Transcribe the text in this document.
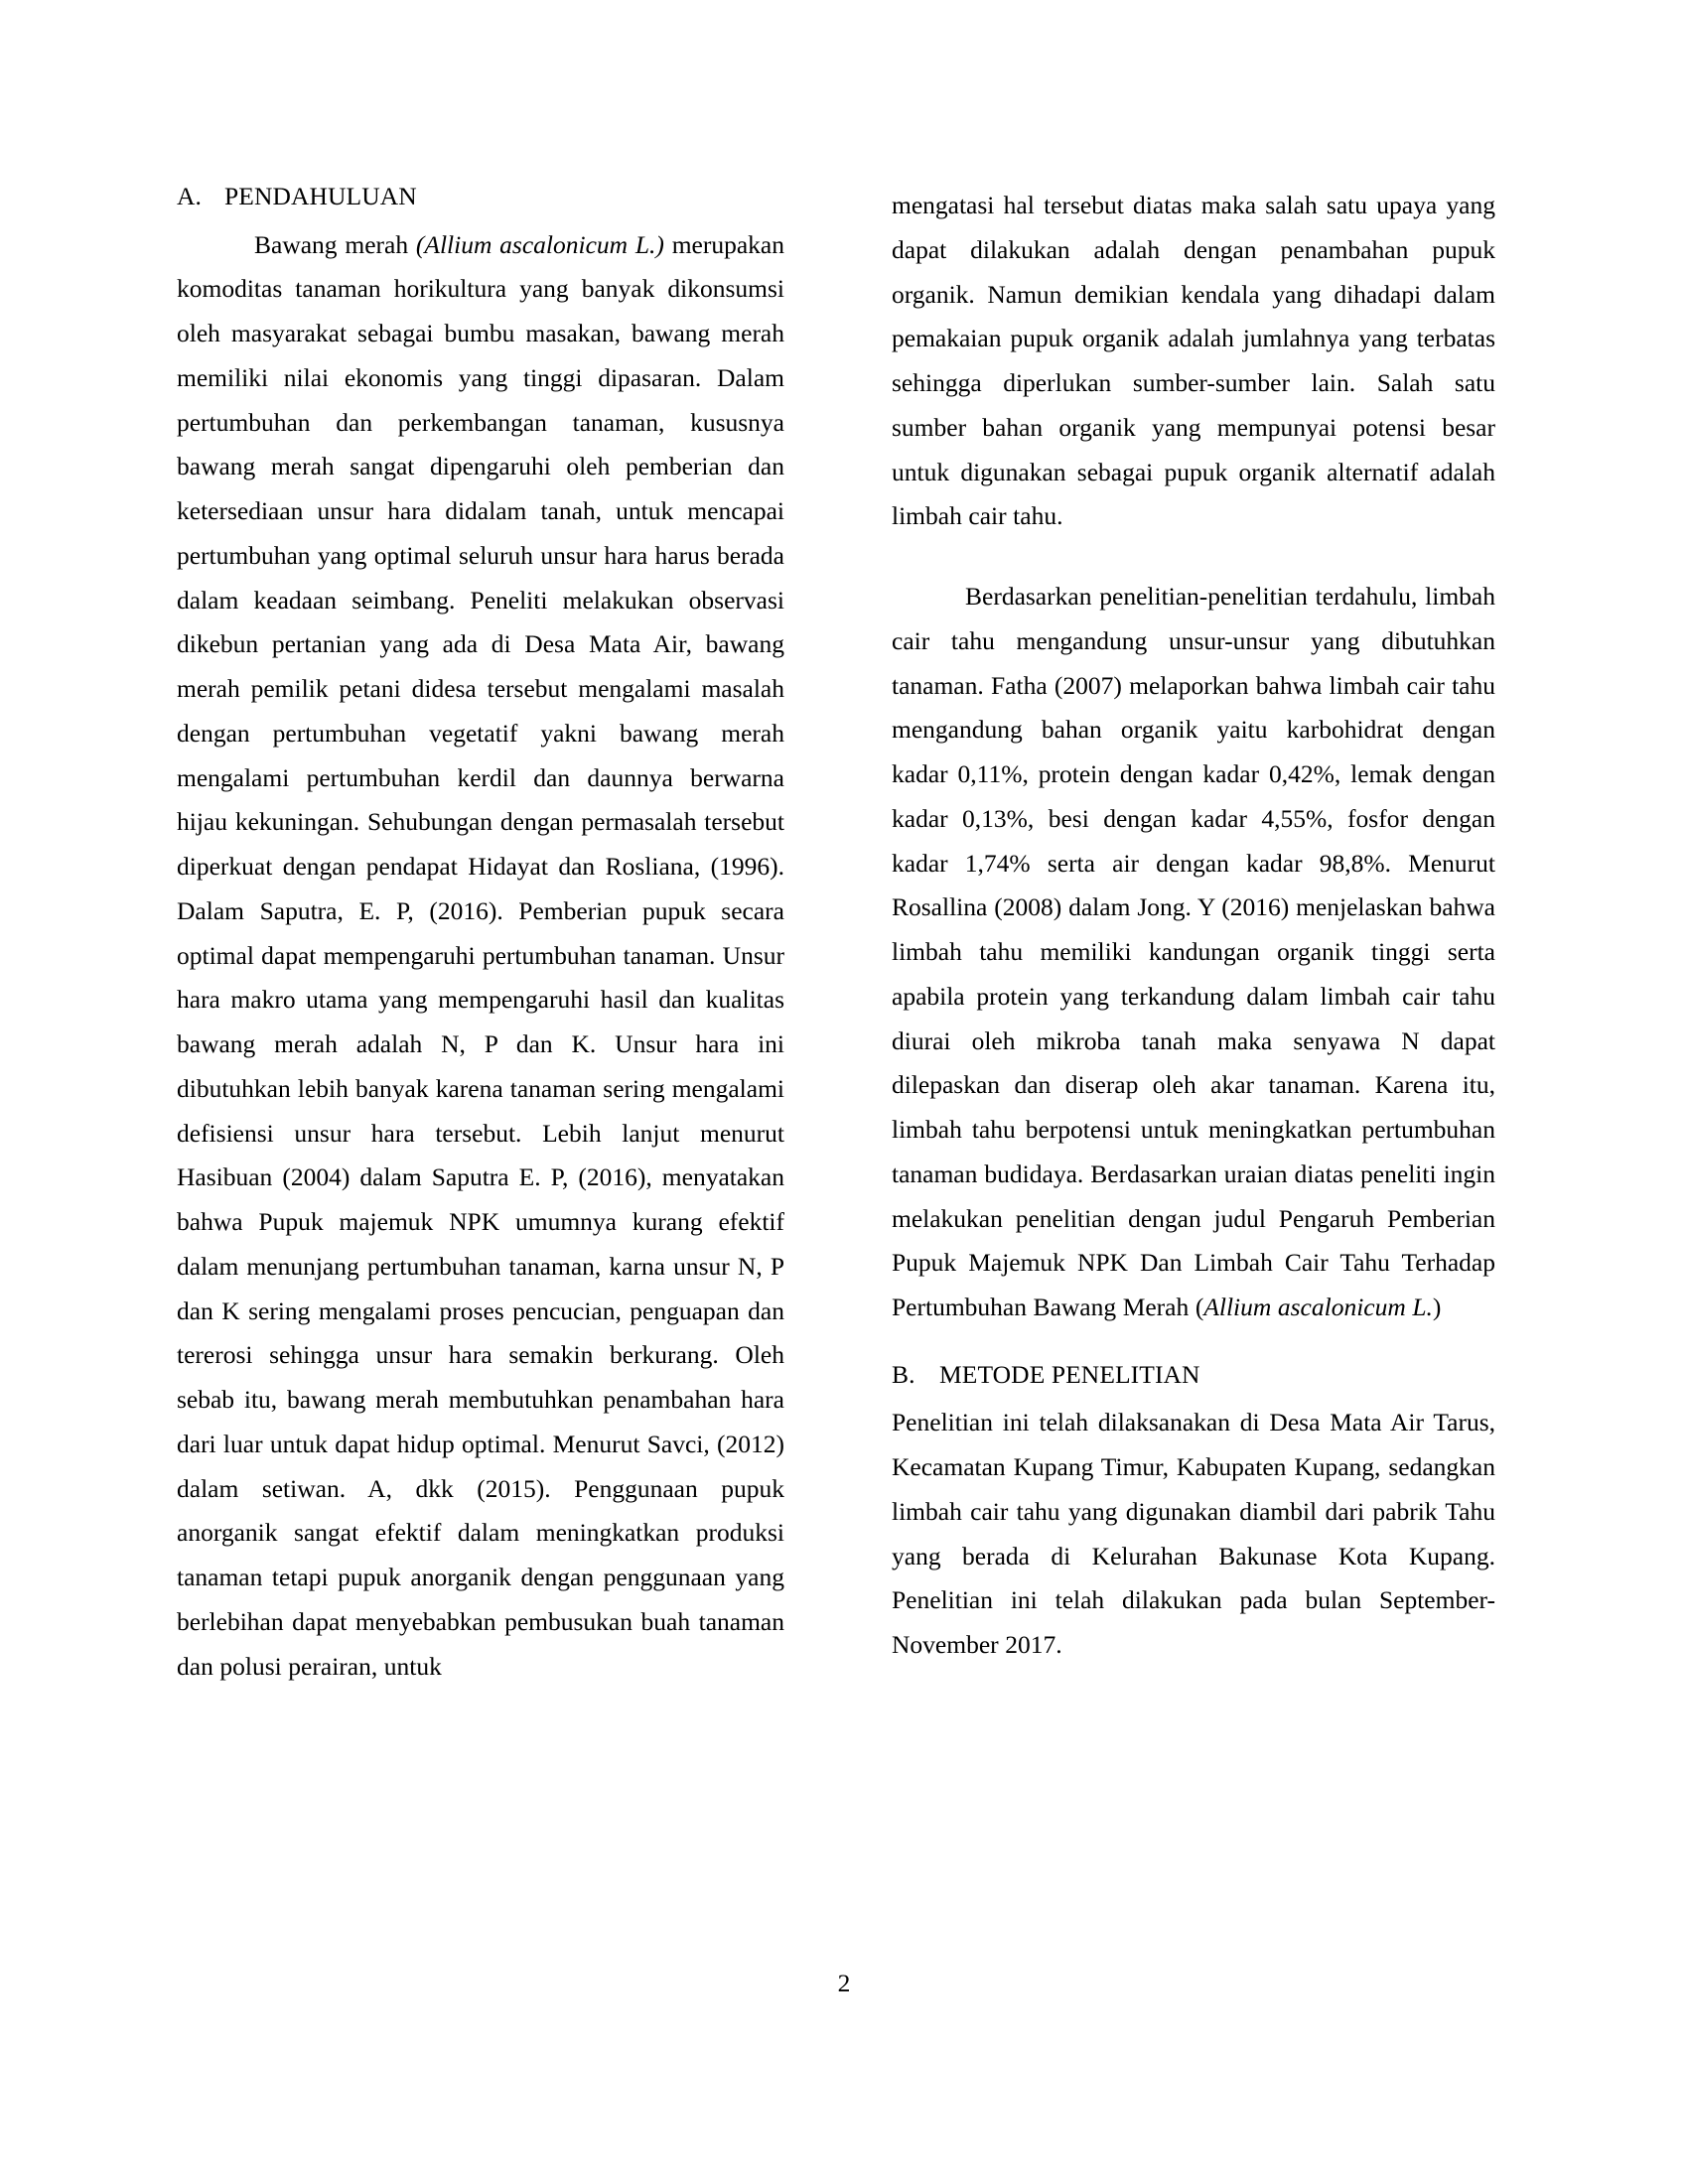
A. PENDAHULUAN

Bawang merah (Allium ascalonicum L.) merupakan komoditas tanaman horikultura yang banyak dikonsumsi oleh masyarakat sebagai bumbu masakan, bawang merah memiliki nilai ekonomis yang tinggi dipasaran. Dalam pertumbuhan dan perkembangan tanaman, kususnya bawang merah sangat dipengaruhi oleh pemberian dan ketersediaan unsur hara didalam tanah, untuk mencapai pertumbuhan yang optimal seluruh unsur hara harus berada dalam keadaan seimbang. Peneliti melakukan observasi dikebun pertanian yang ada di Desa Mata Air, bawang merah pemilik petani didesa tersebut mengalami masalah dengan pertumbuhan vegetatif yakni bawang merah mengalami pertumbuhan kerdil dan daunnya berwarna hijau kekuningan. Sehubungan dengan permasalah tersebut diperkuat dengan pendapat Hidayat dan Rosliana, (1996). Dalam Saputra, E. P, (2016). Pemberian pupuk secara optimal dapat mempengaruhi pertumbuhan tanaman. Unsur hara makro utama yang mempengaruhi hasil dan kualitas bawang merah adalah N, P dan K. Unsur hara ini dibutuhkan lebih banyak karena tanaman sering mengalami defisiensi unsur hara tersebut. Lebih lanjut menurut Hasibuan (2004) dalam Saputra E. P, (2016), menyatakan bahwa Pupuk majemuk NPK umumnya kurang efektif dalam menunjang pertumbuhan tanaman, karna unsur N, P dan K sering mengalami proses pencucian, penguapan dan tererosi sehingga unsur hara semakin berkurang. Oleh sebab itu, bawang merah membutuhkan penambahan hara dari luar untuk dapat hidup optimal. Menurut Savci, (2012) dalam setiwan. A, dkk (2015). Penggunaan pupuk anorganik sangat efektif dalam meningkatkan produksi tanaman tetapi pupuk anorganik dengan penggunaan yang berlebihan dapat menyebabkan pembusukan buah tanaman dan polusi perairan, untuk

mengatasi hal tersebut diatas maka salah satu upaya yang dapat dilakukan adalah dengan penambahan pupuk organik. Namun demikian kendala yang dihadapi dalam pemakaian pupuk organik adalah jumlahnya yang terbatas sehingga diperlukan sumber-sumber lain. Salah satu sumber bahan organik yang mempunyai potensi besar untuk digunakan sebagai pupuk organik alternatif adalah limbah cair tahu.

Berdasarkan penelitian-penelitian terdahulu, limbah cair tahu mengandung unsur-unsur yang dibutuhkan tanaman. Fatha (2007) melaporkan bahwa limbah cair tahu mengandung bahan organik yaitu karbohidrat dengan kadar 0,11%, protein dengan kadar 0,42%, lemak dengan kadar 0,13%, besi dengan kadar 4,55%, fosfor dengan kadar 1,74% serta air dengan kadar 98,8%. Menurut Rosallina (2008) dalam Jong. Y (2016) menjelaskan bahwa limbah tahu memiliki kandungan organik tinggi serta apabila protein yang terkandung dalam limbah cair tahu diurai oleh mikroba tanah maka senyawa N dapat dilepaskan dan diserap oleh akar tanaman. Karena itu, limbah tahu berpotensi untuk meningkatkan pertumbuhan tanaman budidaya. Berdasarkan uraian diatas peneliti ingin melakukan penelitian dengan judul Pengaruh Pemberian Pupuk Majemuk NPK Dan Limbah Cair Tahu Terhadap Pertumbuhan Bawang Merah (Allium ascalonicum L.)

B. METODE PENELITIAN

Penelitian ini telah dilaksanakan di Desa Mata Air Tarus, Kecamatan Kupang Timur, Kabupaten Kupang, sedangkan limbah cair tahu yang digunakan diambil dari pabrik Tahu yang berada di Kelurahan Bakunase Kota Kupang. Penelitian ini telah dilakukan pada bulan September-November 2017.

2
